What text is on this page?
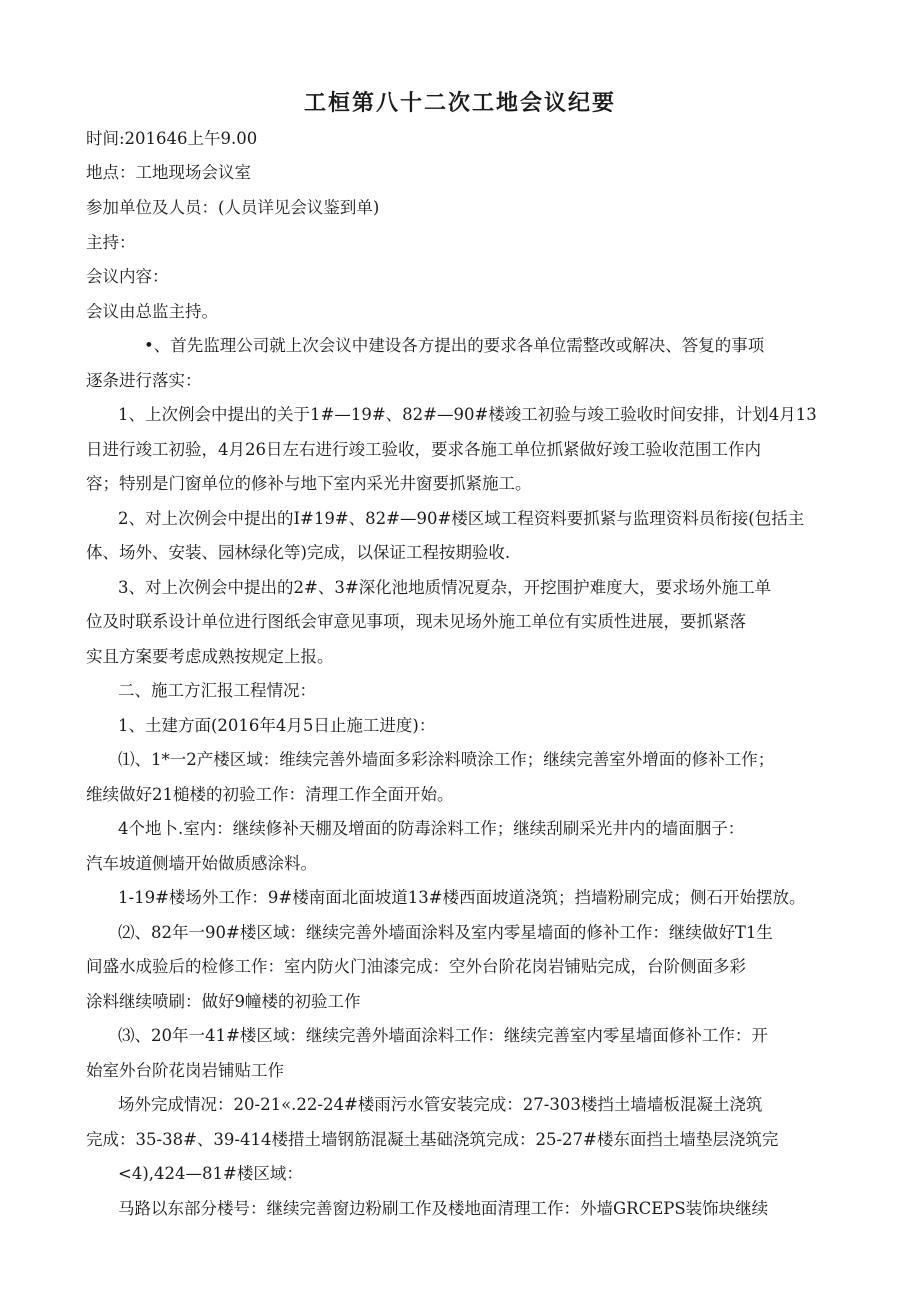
工桓第八十二次工地会议纪要
时间:201646上午9.00
地点：工地现场会议室
参加单位及人员：(人员详见会议鉴到单)
主持：
会议内容：
会议由总监主持。
•、首先监理公司就上次会议中建设各方提出的要求各单位需整改或解决、答复的事项
逐条进行落实：
1、上次例会中提出的关于1#—19#、82#—90#楼竣工初验与竣工验收时间安排，计划4月13
日进行竣工初验，4月26日左右进行竣工验收，要求各施工单位抓紧做好竣工验收范围工作内
容；特别是门窗单位的修补与地下室内采光井窗要抓紧施工。
2、对上次例会中提出的I#19#、82#—90#楼区域工程资料要抓紧与监理资料员衔接(包括主
体、场外、安装、园林绿化等)完成，以保证工程按期验收.
3、对上次例会中提出的2#、3#深化池地质情况夏杂，开挖围护难度大，要求场外施工单
位及时联系设计单位进行图纸会审意见事项，现未见场外施工单位有实质性进展，要抓紧落
实且方案要考虑成熟按规定上报。
二、施工方汇报工程情况：
1、土建方面(2016年4月5日止施工进度)：
⑴、1*一2产楼区域：维续完善外墙面多彩涂料喷涂工作；继续完善室外增面的修补工作；
维续做好21槌楼的初验工作：清理工作全面开始。
4个地卜.室内：继续修补天棚及增面的防毒涂料工作；继续刮刷采光井内的墙面胭子：
汽车坡道侧墙开始做质感涂料。
1-19#楼场外工作：9#楼南面北面坡道13#楼西面坡道浇筑；挡墙粉刷完成；侧石开始摆放。
⑵、82年一90#楼区域：继续完善外墙面涂料及室内零星墙面的修补工作：继续做好T1生
间盛水成验后的检修工作：室内防火门油漆完成：空外台阶花岗岩铺贴完成，台阶侧面多彩
涂料继续喷刷：做好9幢楼的初验工作
⑶、20年一41#楼区域：继续完善外墙面涂料工作：继续完善室内零星墙面修补工作：开
始室外台阶花岗岩铺贴工作
场外完成情况：20-21«.22-24#楼雨污水管安装完成：27-303楼挡土墙墙板混凝土浇筑
完成：35-38#、39-414楼措土墙钢筋混凝土基础浇筑完成：25-27#楼东面挡土墙垫层浇筑完
<4),424—81#楼区域：
马路以东部分楼号：继续完善窗边粉刷工作及楼地面清理工作：外墙GRCEPS装饰块继续
